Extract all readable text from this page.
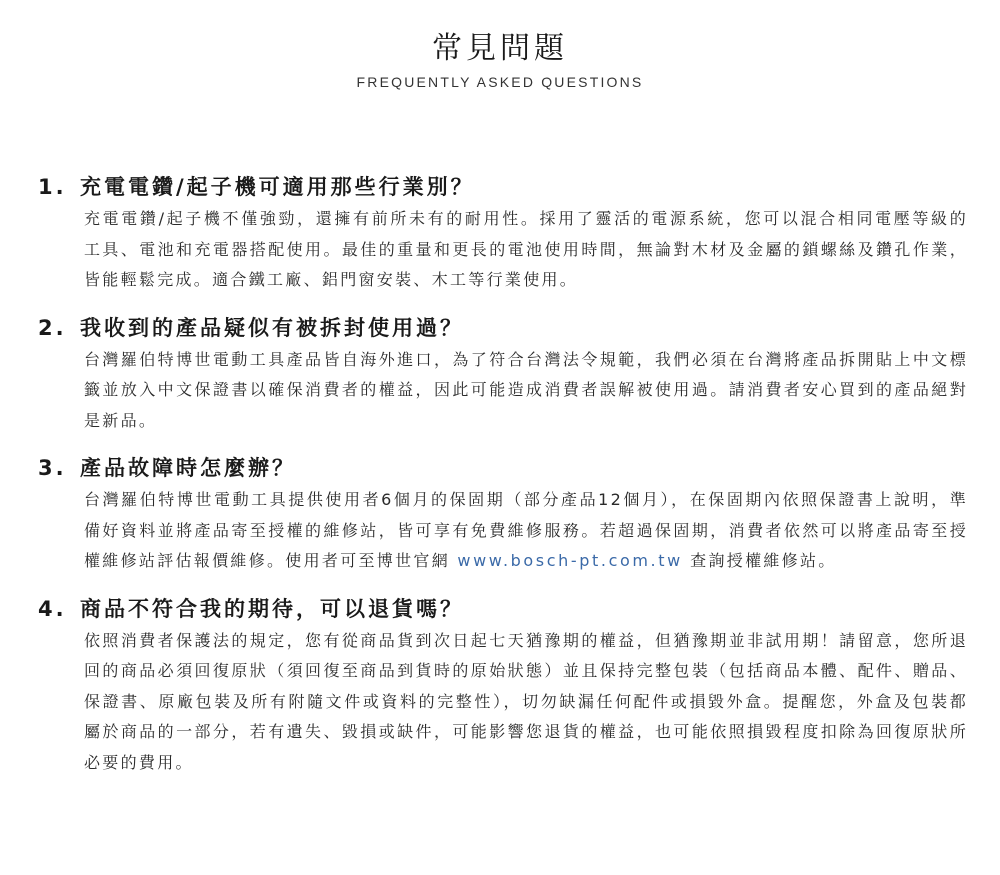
常見問題
FREQUENTLY ASKED QUESTIONS
1. 充電電鑽/起子機可適用那些行業別？
充電電鑽/起子機不僅強勁，還擁有前所未有的耐用性。採用了靈活的電源系統，您可以混合相同電壓等級的工具、電池和充電器搭配使用。最佳的重量和更長的電池使用時間，無論對木材及金屬的鎖螺絲及鑽孔作業，皆能輕鬆完成。適合鐵工廠、鋁門窗安裝、木工等行業使用。
2. 我收到的產品疑似有被拆封使用過？
台灣羅伯特博世電動工具產品皆自海外進口，為了符合台灣法令規範，我們必須在台灣將產品拆開貼上中文標籤並放入中文保證書以確保消費者的權益，因此可能造成消費者誤解被使用過。請消費者安心買到的產品絕對是新品。
3. 產品故障時怎麼辦？
台灣羅伯特博世電動工具提供使用者6個月的保固期（部分產品12個月），在保固期內依照保證書上說明，準備好資料並將產品寄至授權的維修站，皆可享有免費維修服務。若超過保固期，消費者依然可以將產品寄至授權維修站評估報價維修。使用者可至博世官網 www.bosch-pt.com.tw 查詢授權維修站。
4. 商品不符合我的期待，可以退貨嗎？
依照消費者保護法的規定，您有從商品貨到次日起七天猶豫期的權益，但猶豫期並非試用期！請留意，您所退回的商品必須回復原狀（須回復至商品到貨時的原始狀態）並且保持完整包裝（包括商品本體、配件、贈品、保證書、原廠包裝及所有附隨文件或資料的完整性），切勿缺漏任何配件或損毀外盒。提醒您，外盒及包裝都屬於商品的一部分，若有遺失、毀損或缺件，可能影響您退貨的權益，也可能依照損毀程度扣除為回復原狀所必要的費用。
